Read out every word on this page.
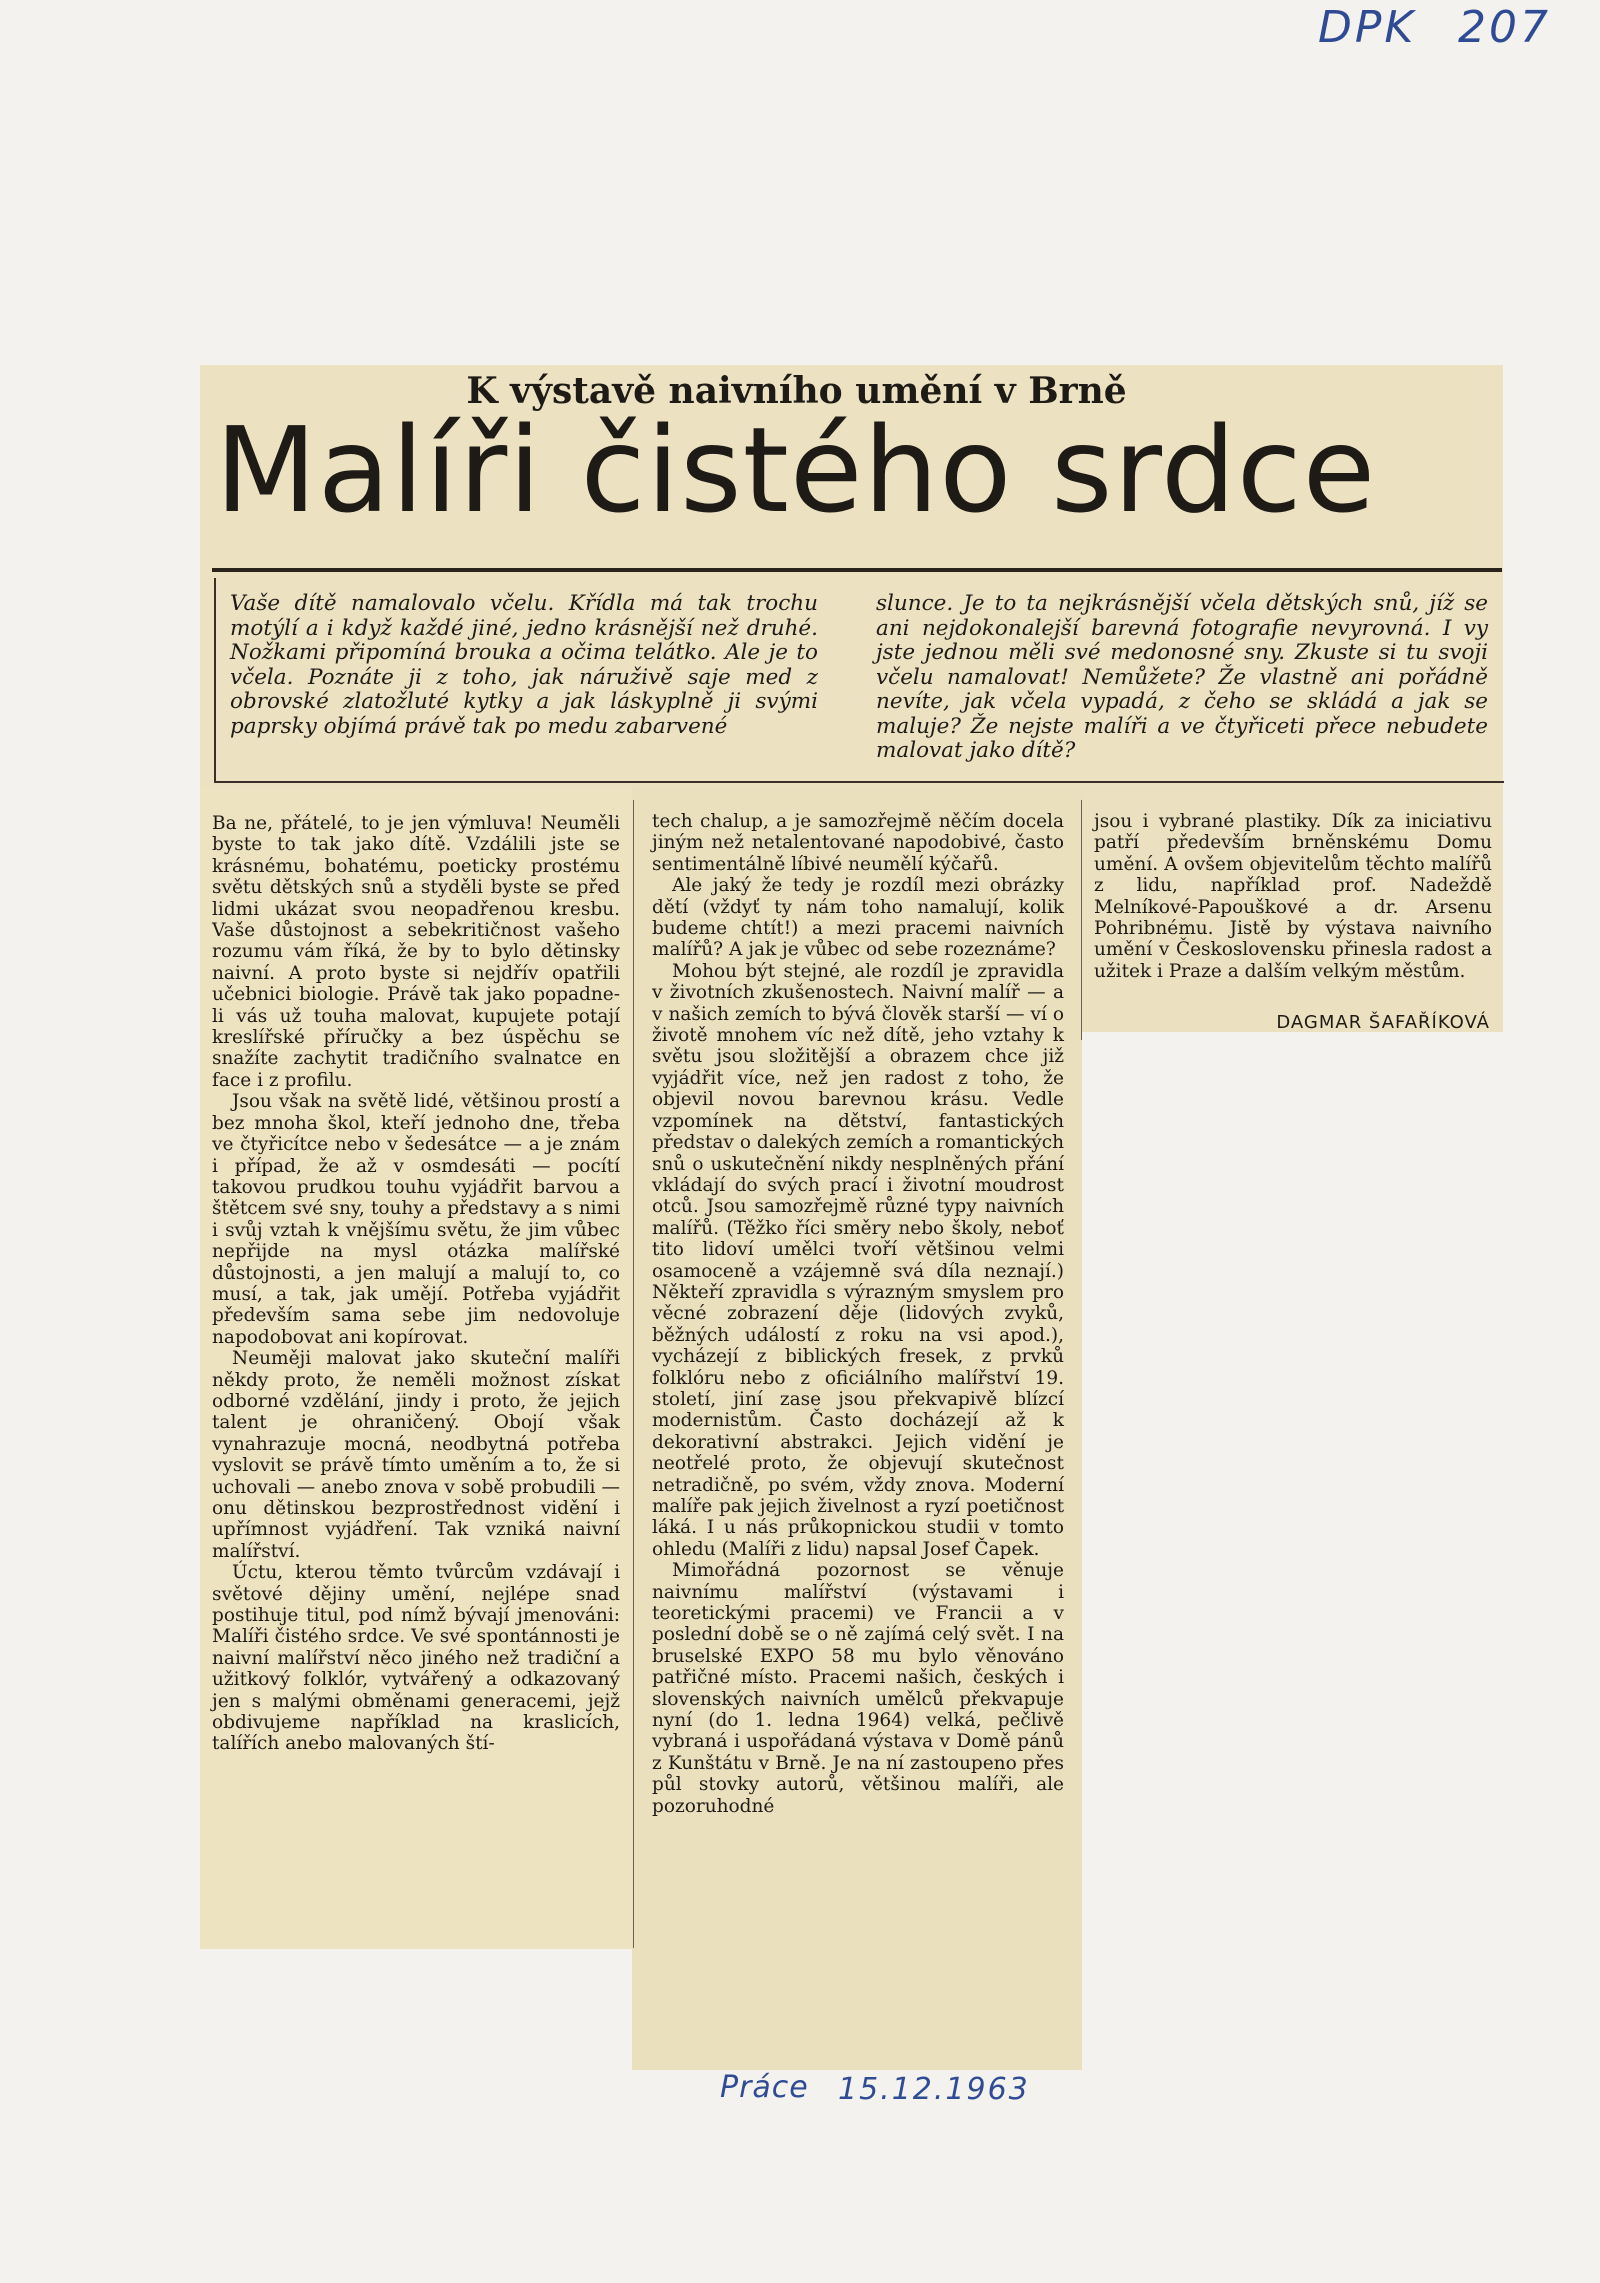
DPK 207
K výstavě naivního umění v Brně
Malíři čistého srdce

Vaše dítě namalovalo včelu. Křídla má tak trochu motýlí a i když každé jiné, jedno krásnější než druhé. Nožkami připomíná brouka a očima telátko. Ale je to včela. Poznáte ji z toho, jak náruživě saje med z obrovské zlatožluté kytky a jak láskyplně ji svými paprsky objímá právě tak po medu zabarvené

slunce. Je to ta nejkrásnější včela dětských snů, jíž se ani nejdokonalejší barevná fotografie nevyrovná. I vy jste jednou měli své medonosné sny. Zkuste si tu svoji včelu namalovat! Nemůžete? Že vlastně ani pořádně nevíte, jak včela vypadá, z čeho se skládá a jak se maluje? Že nejste malíři a ve čtyřiceti přece nebudete malovat jako dítě?

Ba ne, přátelé, to je jen výmluva! Neuměli byste to tak jako dítě. Vzdálili jste se krásnému, bohatému, poeticky prostému světu dětských snů a styděli byste se před lidmi ukázat svou neopadřenou kresbu. Vaše důstojnost a sebekritičnost vašeho rozumu vám říká, že by to bylo dětinsky naivní. A proto byste si nejdřív opatřili učebnici biologie. Právě tak jako popadne-li vás už touha malovat, kupujete potají kreslířské příručky a bez úspěchu se snažíte zachytit tradičního svalnatce en face i z profilu.

Jsou však na světě lidé, většinou prostí a bez mnoha škol, kteří jednoho dne, třeba ve čtyřicítce nebo v šedesátce — a je znám i případ, že až v osmdesáti — pocítí takovou prudkou touhu vyjádřit barvou a štětcem své sny, touhy a představy a s nimi i svůj vztah k vnějšímu světu, že jim vůbec nepřijde na mysl otázka malířské důstojnosti, a jen malují a malují to, co musí, a tak, jak umějí. Potřeba vyjádřit především sama sebe jim nedovoluje napodobovat ani kopírovat.

Neuměji malovat jako skuteční malíři někdy proto, že neměli možnost získat odborné vzdělání, jindy i proto, že jejich talent je ohraničený. Obojí však vynahrazuje mocná, neodbytná potřeba vyslovit se právě tímto uměním a to, že si uchovali — anebo znova v sobě probudili — onu dětinskou bezprostřednost vidění i upřímnost vyjádření. Tak vzniká naivní malířství.

Úctu, kterou těmto tvůrcům vzdávají i světové dějiny umění, nejlépe snad postihuje titul, pod nímž bývají jmenováni: Malíři čistého srdce. Ve své spontánnosti je naivní malířství něco jiného než tradiční a užitkový folklór, vytvářený a odkazovaný jen s malými obměnami generacemi, jejž obdivujeme například na kraslicích, talířích anebo malovaných ští-

tech chalup, a je samozřejmě něčím docela jiným než netalentované napodobivé, často sentimentálně líbivé neumělí kýčařů.

Ale jaký že tedy je rozdíl mezi obrázky dětí (vždyť ty nám toho namalují, kolik budeme chtít!) a mezi pracemi naivních malířů? A jak je vůbec od sebe rozeznáme?

Mohou být stejné, ale rozdíl je zpravidla v životních zkušenostech. Naivní malíř — a v našich zemích to bývá člověk starší — ví o životě mnohem víc než dítě, jeho vztahy k světu jsou složitější a obrazem chce již vyjádřit více, než jen radost z toho, že objevil novou barevnou krásu. Vedle vzpomínek na dětství, fantastických představ o dalekých zemích a romantických snů o uskutečnění nikdy nesplněných přání vkládají do svých prací i životní moudrost otců. Jsou samozřejmě různé typy naivních malířů. (Těžko říci směry nebo školy, neboť tito lidoví umělci tvoří většinou velmi osamoceně a vzájemně svá díla neznají.) Někteří zpravidla s výrazným smyslem pro věcné zobrazení děje (lidových zvyků, běžných událostí z roku na vsi apod.), vycházejí z biblických fresek, z prvků folklóru nebo z oficiálního malířství 19. století, jiní zase jsou překvapivě blízcí modernistům. Často docházejí až k dekorativní abstrakci. Jejich vidění je neotřelé proto, že objevují skutečnost netradičně, po svém, vždy znova. Moderní malíře pak jejich živelnost a ryzí poetičnost láká. I u nás průkopnickou studii v tomto ohledu (Malíři z lidu) napsal Josef Čapek.

Mimořádná pozornost se věnuje naivnímu malířství (výstavami i teoretickými pracemi) ve Francii a v poslední době se o ně zajímá celý svět. I na bruselské EXPO 58 mu bylo věnováno patřičné místo. Pracemi našich, českých i slovenských naivních umělců překvapuje nyní (do 1. ledna 1964) velká, pečlivě vybraná i uspořádaná výstava v Domě pánů z Kunštátu v Brně. Je na ní zastoupeno přes půl stovky autorů, většinou malíři, ale pozoruhodné

jsou i vybrané plastiky. Dík za iniciativu patří především brněnskému Domu umění. A ovšem objevitelům těchto malířů z lidu, například prof. Nadeždě Melníkové-Papouškové a dr. Arsenu Pohribnému. Jistě by výstava naivního umění v Československu přinesla radost a užitek i Praze a dalším velkým městům.

DAGMAR ŠAFAŘÍKOVÁ
Práce 15.12.1963
